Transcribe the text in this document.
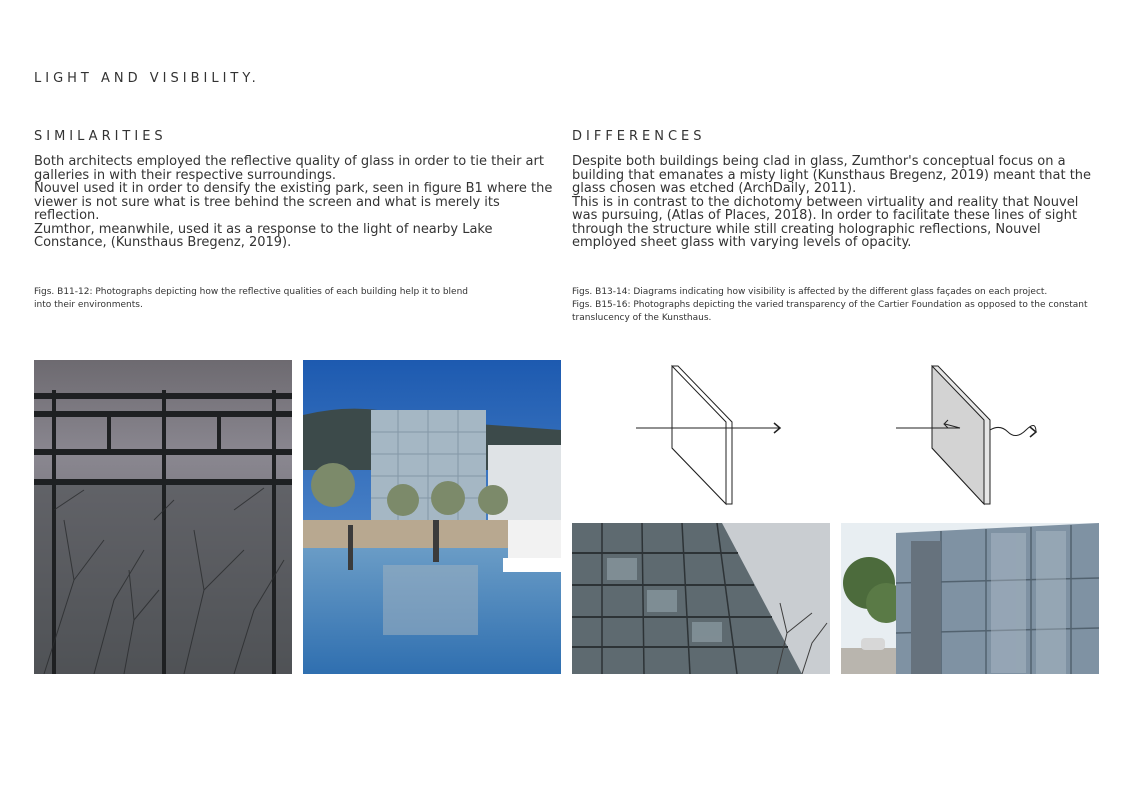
LIGHT AND VISIBILITY.
SIMILARITIES	DIFFERENCES
Both architects employed the reflective quality of glass in order to tie their art galleries in with their respective surroundings.
Nouvel used it in order to densify the existing park, seen in figure B1 where the viewer is not sure what is tree behind the screen and what is merely its reflection.
Zumthor, meanwhile, used it as a response to the light of nearby Lake Constance, (Kunsthaus Bregenz, 2019).
Despite both buildings being clad in glass, Zumthor's conceptual focus on a building that emanates a misty light (Kunsthaus Bregenz, 2019) meant that the glass chosen was etched (ArchDaily, 2011).
This is in contrast to the dichotomy between virtuality and reality that Nouvel was pursuing, (Atlas of Places, 2018). In order to facilitate these lines of sight through the structure while still creating holographic reflections, Nouvel employed sheet glass with varying levels of opacity.
Figs. B11-12: Photographs depicting how the reflective qualities of each building help it to blend into their environments.
Figs. B13-14: Diagrams indicating how visibility is affected by the different glass façades on each project.
Figs. B15-16: Photographs depicting the varied transparency of the Cartier Foundation as opposed to the constant translucency of the Kunsthaus.
